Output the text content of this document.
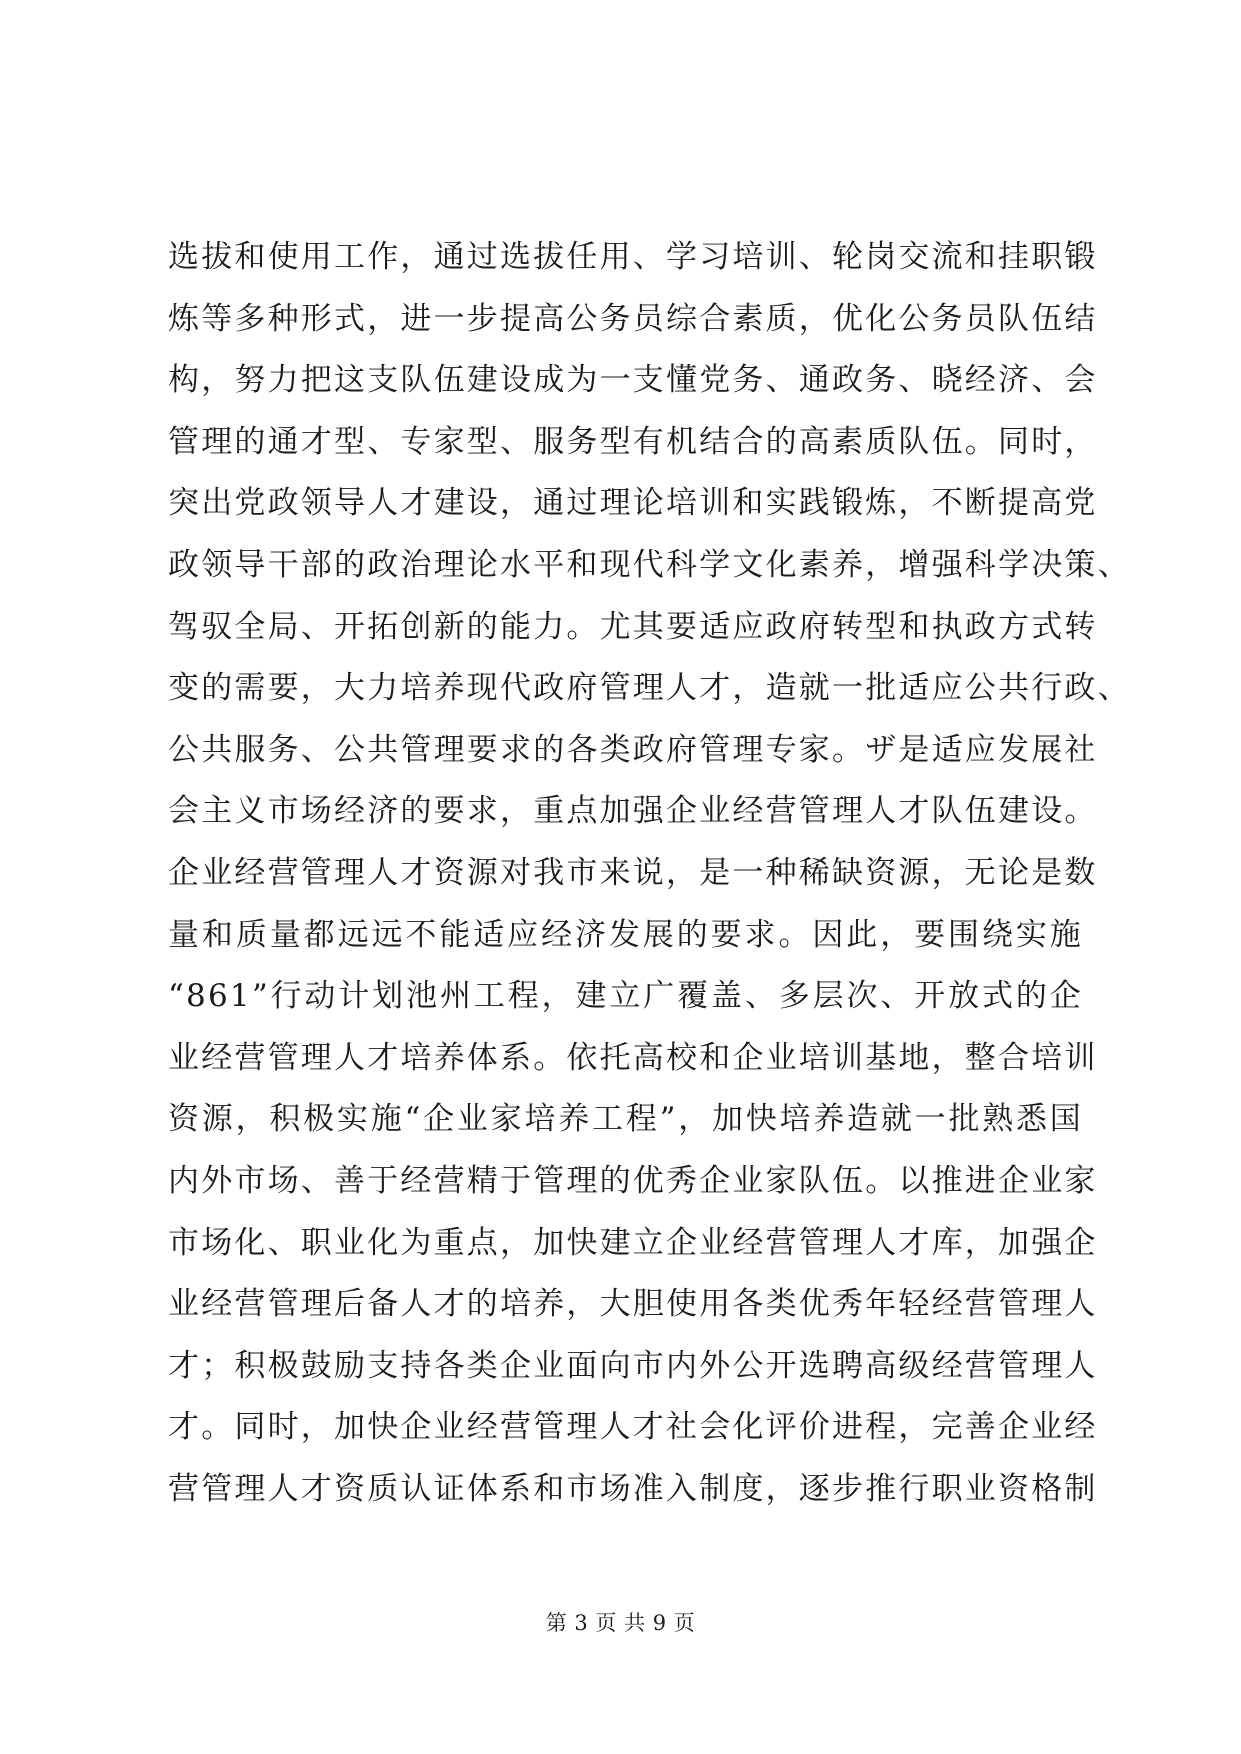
选拔和使用工作，通过选拔任用、学习培训、轮岗交流和挂职锻
炼等多种形式，进一步提高公务员综合素质，优化公务员队伍结
构，努力把这支队伍建设成为一支懂党务、通政务、晓经济、会
管理的通才型、专家型、服务型有机结合的高素质队伍。同时，
突出党政领导人才建设，通过理论培训和实践锻炼，不断提高党
政领导干部的政治理论水平和现代科学文化素养，增强科学决策、
驾驭全局、开拓创新的能力。尤其要适应政府转型和执政方式转
变的需要，大力培养现代政府管理人才，造就一批适应公共行政、
公共服务、公共管理要求的各类政府管理专家。ザ是适应发展社
会主义市场经济的要求，重点加强企业经营管理人才队伍建设。
企业经营管理人才资源对我市来说，是一种稀缺资源，无论是数
量和质量都远远不能适应经济发展的要求。因此，要围绕实施
“861”行动计划池州工程，建立广覆盖、多层次、开放式的企
业经营管理人才培养体系。依托高校和企业培训基地，整合培训
资源，积极实施“企业家培养工程”，加快培养造就一批熟悉国
内外市场、善于经营精于管理的优秀企业家队伍。以推进企业家
市场化、职业化为重点，加快建立企业经营管理人才库，加强企
业经营管理后备人才的培养，大胆使用各类优秀年轻经营管理人
才；积极鼓励支持各类企业面向市内外公开选聘高级经营管理人
才。同时，加快企业经营管理人才社会化评价进程，完善企业经
营管理人才资质认证体系和市场准入制度，逐步推行职业资格制
第 3 页 共 9 页
